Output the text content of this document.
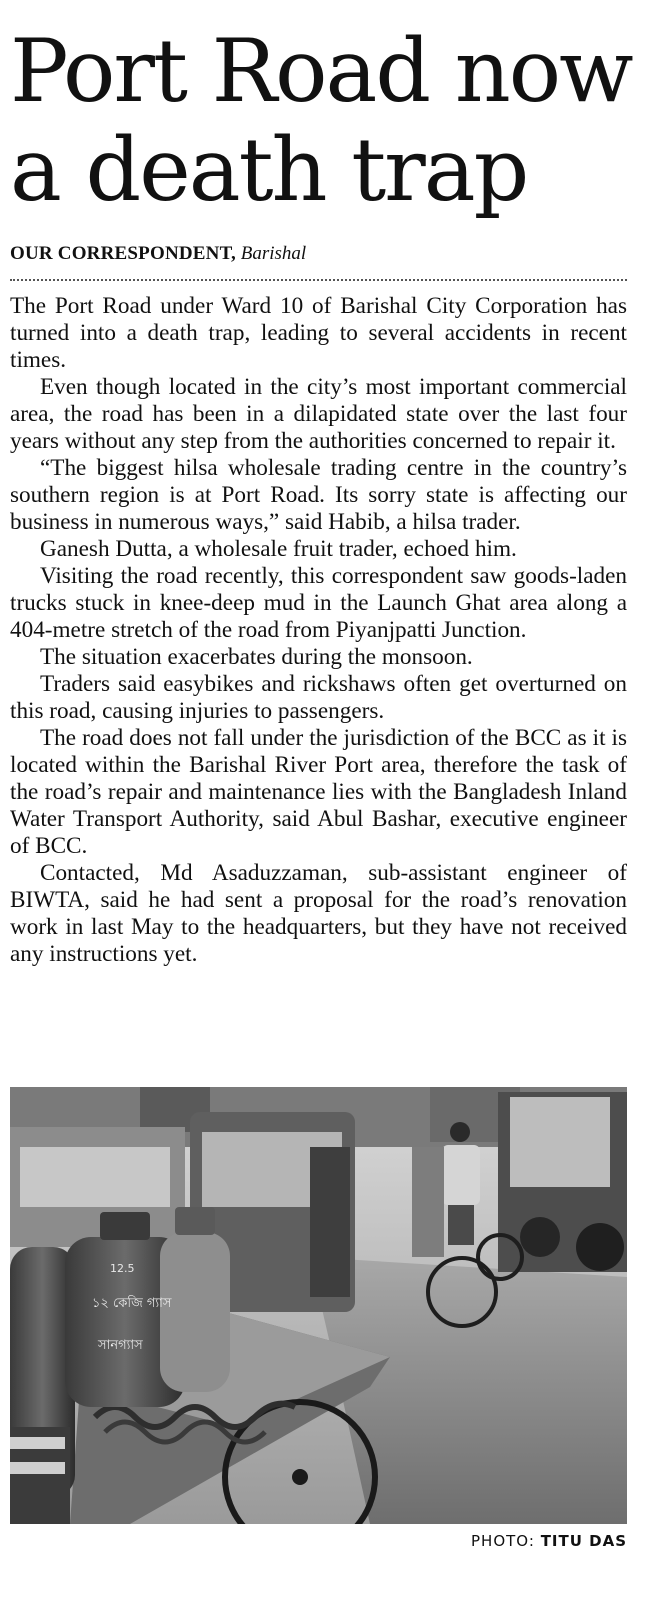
Port Road now
a death trap
OUR CORRESPONDENT, Barishal

The Port Road under Ward 10 of Barishal City Corporation has turned into a death trap, leading to several accidents in recent times.

Even though located in the city’s most important commercial area, the road has been in a dilapidated state over the last four years without any step from the authorities concerned to repair it.

“The biggest hilsa wholesale trading centre in the country’s southern region is at Port Road. Its sorry state is affecting our business in numerous ways,” said Habib, a hilsa trader.

Ganesh Dutta, a wholesale fruit trader, echoed him.

Visiting the road recently, this correspondent saw goods-laden trucks stuck in knee-deep mud in the Launch Ghat area along a 404-metre stretch of the road from Piyanjpatti Junction.

The situation exacerbates during the monsoon.

Traders said easybikes and rickshaws often get overturned on this road, causing injuries to passengers.

The road does not fall under the jurisdiction of the BCC as it is located within the Barishal River Port area, therefore the task of the road’s repair and maintenance lies with the Bangladesh Inland Water Transport Authority, said Abul Bashar, executive engineer of BCC.

Contacted, Md Asaduzzaman, sub-assistant engineer of BIWTA, said he had sent a proposal for the road’s renovation work in last May to the headquarters, but they have not received any instructions yet.

12.5
১২ কেজি গ্যাস
সানগ্যাস
PHOTO: TITU DAS
